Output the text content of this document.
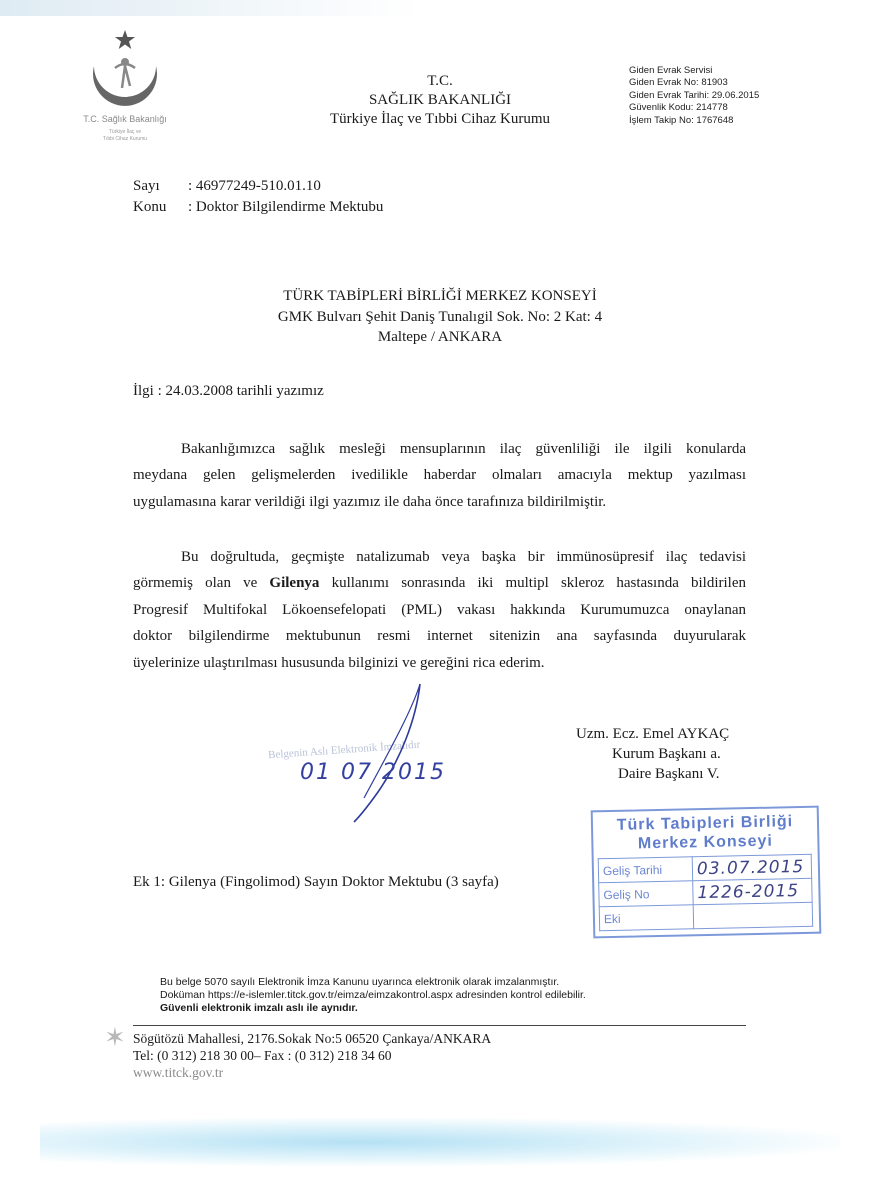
T.C. Sağlık Bakanlığı
Türkiye İlaç ve
Tıbbi Cihaz Kurumu
T.C.
SAĞLIK BAKANLIĞI
Türkiye İlaç ve Tıbbi Cihaz Kurumu
Giden Evrak Servisi
Giden Evrak No: 81903
Giden Evrak Tarihi: 29.06.2015
Güvenlik Kodu: 214778
İşlem Takip No: 1767648
Sayı : 46977249-510.01.10
Konu : Doktor Bilgilendirme Mektubu
TÜRK TABİPLERİ BİRLİĞİ MERKEZ KONSEYİ
GMK Bulvarı Şehit Daniş Tunalıgil Sok. No: 2 Kat: 4
Maltepe / ANKARA
İlgi : 24.03.2008 tarihli yazımız
Bakanlığımızca sağlık mesleği mensuplarının ilaç güvenliliği ile ilgili konularda
meydana gelen gelişmelerden ivedilikle haberdar olmaları amacıyla mektup yazılması
uygulamasına karar verildiği ilgi yazımız ile daha önce tarafınıza bildirilmiştir.
Bu doğrultuda, geçmişte natalizumab veya başka bir immünosüpresif ilaç tedavisi
görmemiş olan ve Gilenya kullanımı sonrasında iki multipl skleroz hastasında bildirilen
Progresif Multifokal Lökoensefelopati (PML) vakası hakkında Kurumumuzca onaylanan
doktor bilgilendirme mektubunun resmi internet sitenizin ana sayfasında duyurularak
üyelerinize ulaştırılması hususunda bilginizi ve gereğini rica ederim.
Belgenin Aslı Elektronik İmzalıdır
01 07 2015
Uzm. Ecz. Emel AYKAÇ
Kurum Başkanı a.
Daire Başkanı V.
Türk Tabipleri Birliği
Merkez Konseyi
Geliş Tarihi	03.07.2015
Geliş No	1226-2015
Eki	
Ek 1: Gilenya (Fingolimod) Sayın Doktor Mektubu (3 sayfa)
Bu belge 5070 sayılı Elektronik İmza Kanunu uyarınca elektronik olarak imzalanmıştır.
Doküman https://e-islemler.titck.gov.tr/eimza/eimzakontrol.aspx adresinden kontrol edilebilir.
Güvenli elektronik imzalı aslı ile aynıdır.
✶ Sögütözü Mahallesi, 2176.Sokak No:5 06520 Çankaya/ANKARA
Tel: (0 312) 218 30 00– Fax : (0 312) 218 34 60
www.titck.gov.tr
